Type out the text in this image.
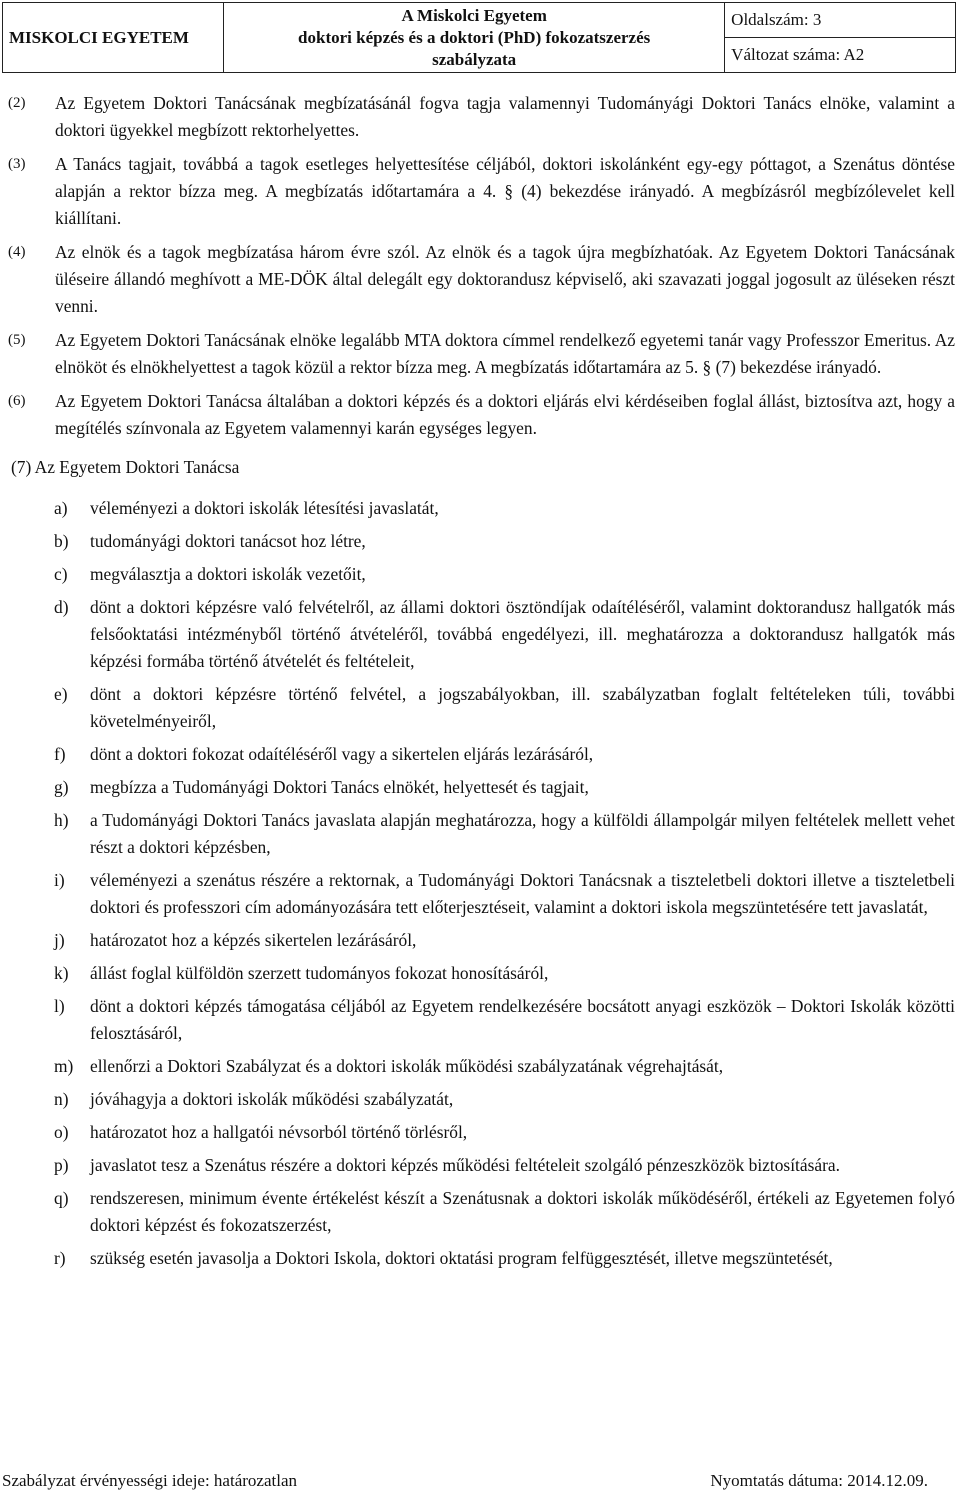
MISKOLCI EGYETEM	A Miskolci Egyetem
doktori képzés és a doktori (PhD) fokozatszerzés
szabályzata	Oldalszám: 3
Változat száma: A2
(2)	Az Egyetem Doktori Tanácsának megbízatásánál fogva tagja valamennyi Tudományági Doktori Tanács elnöke, valamint a doktori ügyekkel megbízott rektorhelyettes.
(3)	A Tanács tagjait, továbbá a tagok esetleges helyettesítése céljából, doktori iskolánként egy-egy póttagot, a Szenátus döntése alapján a rektor bízza meg. A megbízatás időtartamára a 4. § (4) bekezdése irányadó. A megbízásról megbízólevelet kell kiállítani.
(4)	Az elnök és a tagok megbízatása három évre szól. Az elnök és a tagok újra megbízhatóak. Az Egyetem Doktori Tanácsának üléseire állandó meghívott a ME-DÖK által delegált egy doktorandusz képviselő, aki szavazati joggal jogosult az üléseken részt venni.
(5)	Az Egyetem Doktori Tanácsának elnöke legalább MTA doktora címmel rendelkező egyetemi tanár vagy Professzor Emeritus. Az elnököt és elnökhelyettest a tagok közül a rektor bízza meg. A megbízatás időtartamára az 5. § (7) bekezdése irányadó.
(6)	Az Egyetem Doktori Tanácsa általában a doktori képzés és a doktori eljárás elvi kérdéseiben foglal állást, biztosítva azt, hogy a megítélés színvonala az Egyetem valamennyi karán egységes legyen.
(7) Az Egyetem Doktori Tanácsa
a)	véleményezi a doktori iskolák létesítési javaslatát,
b)	tudományági doktori tanácsot hoz létre,
c)	megválasztja a doktori iskolák vezetőit,
d)	dönt a doktori képzésre való felvételről, az állami doktori ösztöndíjak odaítéléséről, valamint doktorandusz hallgatók más felsőoktatási intézményből történő átvételéről, továbbá engedélyezi, ill. meghatározza a doktorandusz hallgatók más képzési formába történő átvételét és feltételeit,
e)	dönt a doktori képzésre történő felvétel, a jogszabályokban, ill. szabályzatban foglalt feltételeken túli, további követelményeiről,
f)	dönt a doktori fokozat odaítéléséről vagy a sikertelen eljárás lezárásáról,
g)	megbízza a Tudományági Doktori Tanács elnökét, helyettesét és tagjait,
h)	a Tudományági Doktori Tanács javaslata alapján meghatározza, hogy a külföldi állampolgár milyen feltételek mellett vehet részt a doktori képzésben,
i)	véleményezi a szenátus részére a rektornak, a Tudományági Doktori Tanácsnak a tiszteletbeli doktori illetve a tiszteletbeli doktori és professzori cím adományozására tett előterjesztéseit, valamint a doktori iskola megszüntetésére tett javaslatát,
j)	határozatot hoz a képzés sikertelen lezárásáról,
k)	állást foglal külföldön szerzett tudományos fokozat honosításáról,
l)	dönt a doktori képzés támogatása céljából az Egyetem rendelkezésére bocsátott anyagi eszközök – Doktori Iskolák közötti felosztásáról,
m) ellenőrzi a Doktori Szabályzat és a doktori iskolák működési szabályzatának végrehajtását,
n)	jóváhagyja a doktori iskolák működési szabályzatát,
o)	határozatot hoz a hallgatói névsorból történő törlésről,
p)	javaslatot tesz a Szenátus részére a doktori képzés működési feltételeit szolgáló pénzeszközök biztosítására.
q)	rendszeresen, minimum évente értékelést készít a Szenátusnak a doktori iskolák működéséről, értékeli az Egyetemen folyó doktori képzést és fokozatszerzést,
r)	szükség esetén javasolja a Doktori Iskola, doktori oktatási program felfüggesztését, illetve megszüntetését,
Szabályzat érvényességi ideje: határozatlan	Nyomtatás dátuma: 2014.12.09.
